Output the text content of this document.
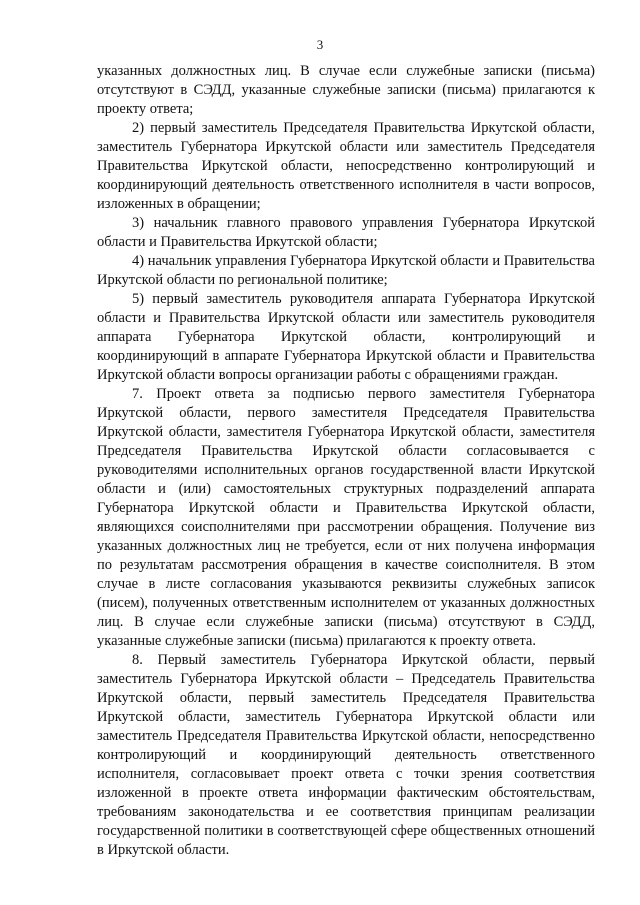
3

указанных должностных лиц. В случае если служебные записки (письма) отсутствуют в СЭДД, указанные служебные записки (письма) прилагаются к проекту ответа;

2) первый заместитель Председателя Правительства Иркутской области, заместитель Губернатора Иркутской области или заместитель Председателя Правительства Иркутской области, непосредственно контролирующий и координирующий деятельность ответственного исполнителя в части вопросов, изложенных в обращении;

3) начальник главного правового управления Губернатора Иркутской области и Правительства Иркутской области;

4) начальник управления Губернатора Иркутской области и Правительства Иркутской области по региональной политике;

5) первый заместитель руководителя аппарата Губернатора Иркутской области и Правительства Иркутской области или заместитель руководителя аппарата Губернатора Иркутской области, контролирующий и координирующий в аппарате Губернатора Иркутской области и Правительства Иркутской области вопросы организации работы с обращениями граждан.

7. Проект ответа за подписью первого заместителя Губернатора Иркутской области, первого заместителя Председателя Правительства Иркутской области, заместителя Губернатора Иркутской области, заместителя Председателя Правительства Иркутской области согласовывается с руководителями исполнительных органов государственной власти Иркутской области и (или) самостоятельных структурных подразделений аппарата Губернатора Иркутской области и Правительства Иркутской области, являющихся соисполнителями при рассмотрении обращения. Получение виз указанных должностных лиц не требуется, если от них получена информация по результатам рассмотрения обращения в качестве соисполнителя. В этом случае в листе согласования указываются реквизиты служебных записок (писем), полученных ответственным исполнителем от указанных должностных лиц. В случае если служебные записки (письма) отсутствуют в СЭДД, указанные служебные записки (письма) прилагаются к проекту ответа.

8. Первый заместитель Губернатора Иркутской области, первый заместитель Губернатора Иркутской области – Председатель Правительства Иркутской области, первый заместитель Председателя Правительства Иркутской области, заместитель Губернатора Иркутской области или заместитель Председателя Правительства Иркутской области, непосредственно контролирующий и координирующий деятельность ответственного исполнителя, согласовывает проект ответа с точки зрения соответствия изложенной в проекте ответа информации фактическим обстоятельствам, требованиям законодательства и ее соответствия принципам реализации государственной политики в соответствующей сфере общественных отношений в Иркутской области.
